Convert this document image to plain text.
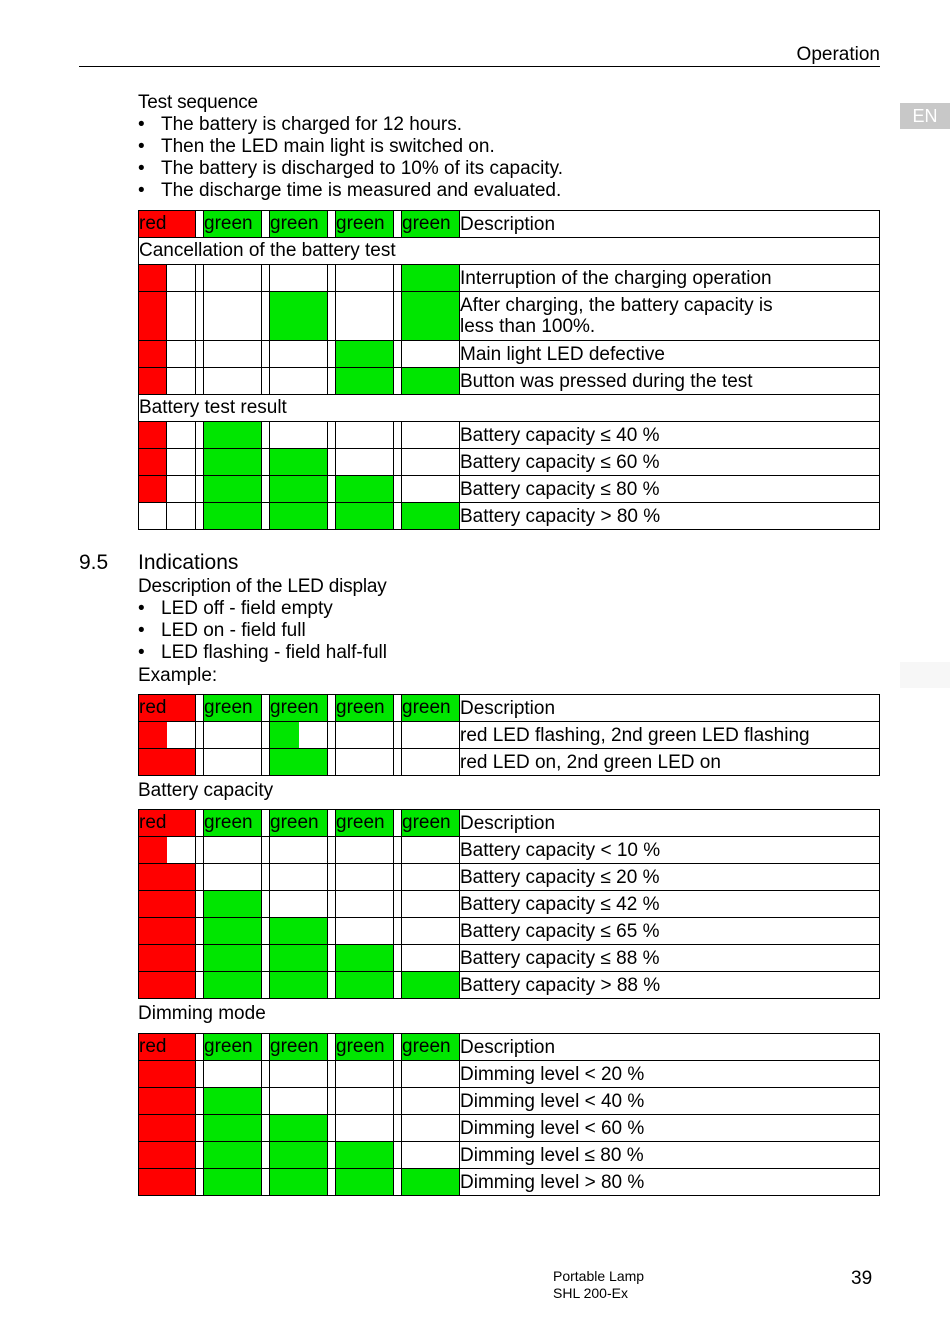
Operation
EN
Test sequence
• The battery is charged for 12 hours.
• Then the LED main light is switched on.
• The battery is discharged to 10% of its capacity.
• The discharge time is measured and evaluated.
red			green		green		green		green	Description
Cancellation of the battery test										
										Interruption of the charging operation
										After charging, the battery capacity is less than 100%.
										Main light LED defective
										Button was pressed during the test
Battery test result										
										Battery capacity ≤ 40 %
										Battery capacity ≤ 60 %
										Battery capacity ≤ 80 %
										Battery capacity > 80 %
9.5 Indications
Description of the LED display
• LED off - field empty
• LED on - field full
• LED flashing - field half-full
Example:
red		green		green		green		green	Description

					red LED flashing, 2nd green LED flashing
									red LED on, 2nd green LED on
Battery capacity
red		green		green		green		green	Description

									Battery capacity < 10 %
									Battery capacity ≤ 20 %
									Battery capacity ≤ 42 %
									Battery capacity ≤ 65 %
									Battery capacity ≤ 88 %
									Battery capacity > 88 %
Dimming mode
red		green		green		green		green	Description
									Dimming level < 20 %
									Dimming level < 40 %
									Dimming level < 60 %
									Dimming level ≤ 80 %
									Dimming level > 80 %
Portable Lamp
SHL 200-Ex
39
